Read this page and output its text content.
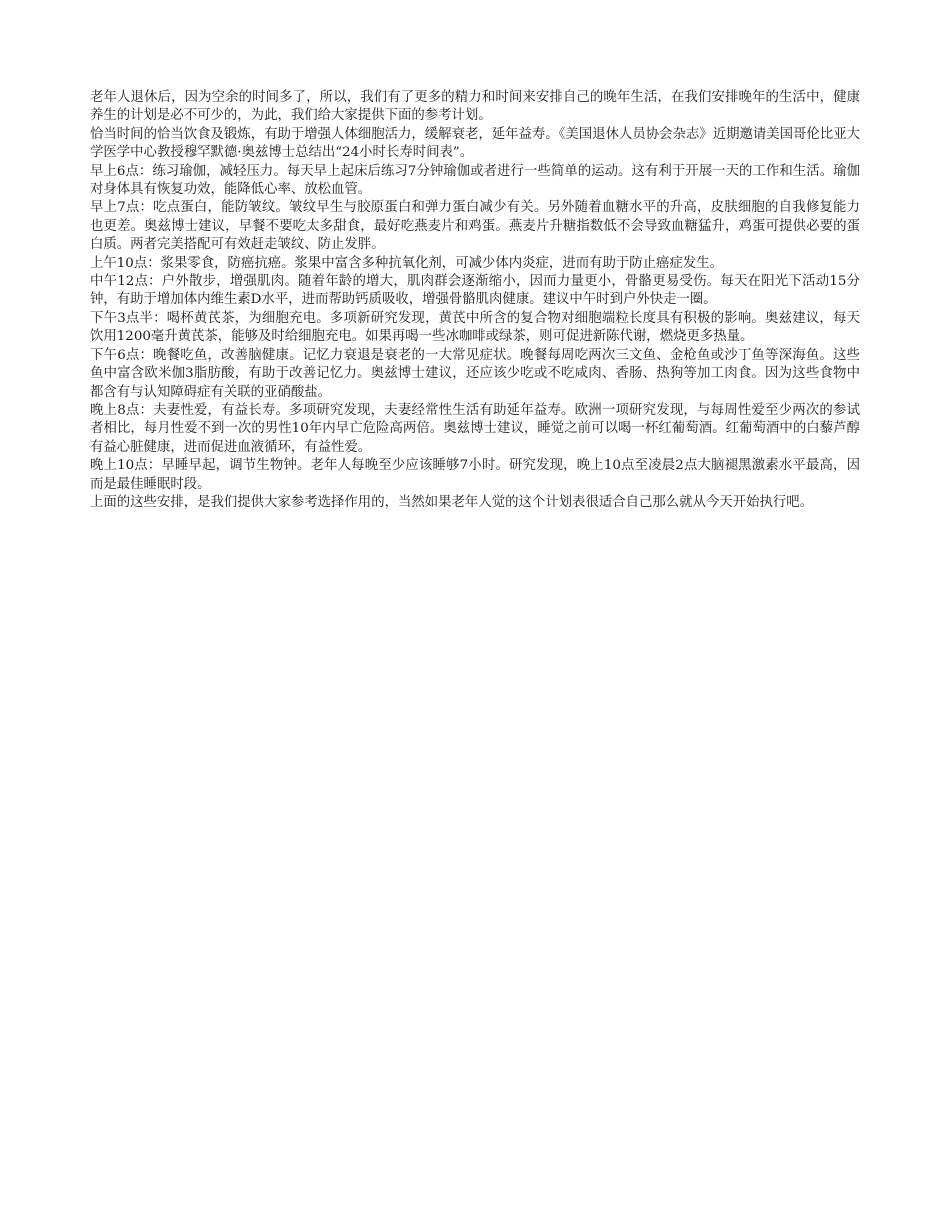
老年人退休后，因为空余的时间多了，所以，我们有了更多的精力和时间来安排自己的晚年生活，在我们安排晚年的生活中，健康养生的计划是必不可少的，为此，我们给大家提供下面的参考计划。

恰当时间的恰当饮食及锻炼，有助于增强人体细胞活力，缓解衰老，延年益寿。《美国退休人员协会杂志》近期邀请美国哥伦比亚大学医学中心教授穆罕默德·奥兹博士总结出“24小时长寿时间表”。

早上6点：练习瑜伽，减轻压力。每天早上起床后练习7分钟瑜伽或者进行一些简单的运动。这有利于开展一天的工作和生活。瑜伽对身体具有恢复功效，能降低心率、放松血管。

早上7点：吃点蛋白，能防皱纹。皱纹早生与胶原蛋白和弹力蛋白减少有关。另外随着血糖水平的升高，皮肤细胞的自我修复能力也更差。奥兹博士建议，早餐不要吃太多甜食，最好吃燕麦片和鸡蛋。燕麦片升糖指数低不会导致血糖猛升，鸡蛋可提供必要的蛋白质。两者完美搭配可有效赶走皱纹、防止发胖。

上午10点：浆果零食，防癌抗癌。浆果中富含多种抗氧化剂，可减少体内炎症，进而有助于防止癌症发生。

中午12点：户外散步，增强肌肉。随着年龄的增大，肌肉群会逐渐缩小，因而力量更小，骨骼更易受伤。每天在阳光下活动15分钟，有助于增加体内维生素D水平，进而帮助钙质吸收，增强骨骼肌肉健康。建议中午时到户外快走一圈。

下午3点半：喝杯黄芪茶，为细胞充电。多项新研究发现，黄芪中所含的复合物对细胞端粒长度具有积极的影响。奥兹建议，每天饮用1200毫升黄芪茶，能够及时给细胞充电。如果再喝一些冰咖啡或绿茶，则可促进新陈代谢，燃烧更多热量。

下午6点：晚餐吃鱼，改善脑健康。记忆力衰退是衰老的一大常见症状。晚餐每周吃两次三文鱼、金枪鱼或沙丁鱼等深海鱼。这些鱼中富含欧米伽3脂肪酸，有助于改善记忆力。奥兹博士建议，还应该少吃或不吃咸肉、香肠、热狗等加工肉食。因为这些食物中都含有与认知障碍症有关联的亚硝酸盐。

晚上8点：夫妻性爱，有益长寿。多项研究发现，夫妻经常性生活有助延年益寿。欧洲一项研究发现，与每周性爱至少两次的参试者相比，每月性爱不到一次的男性10年内早亡危险高两倍。奥兹博士建议，睡觉之前可以喝一杯红葡萄酒。红葡萄酒中的白藜芦醇有益心脏健康，进而促进血液循环，有益性爱。

晚上10点：早睡早起，调节生物钟。老年人每晚至少应该睡够7小时。研究发现，晚上10点至凌晨2点大脑褪黑激素水平最高，因而是最佳睡眠时段。

上面的这些安排，是我们提供大家参考选择作用的，当然如果老年人觉的这个计划表很适合自己那么就从今天开始执行吧。
